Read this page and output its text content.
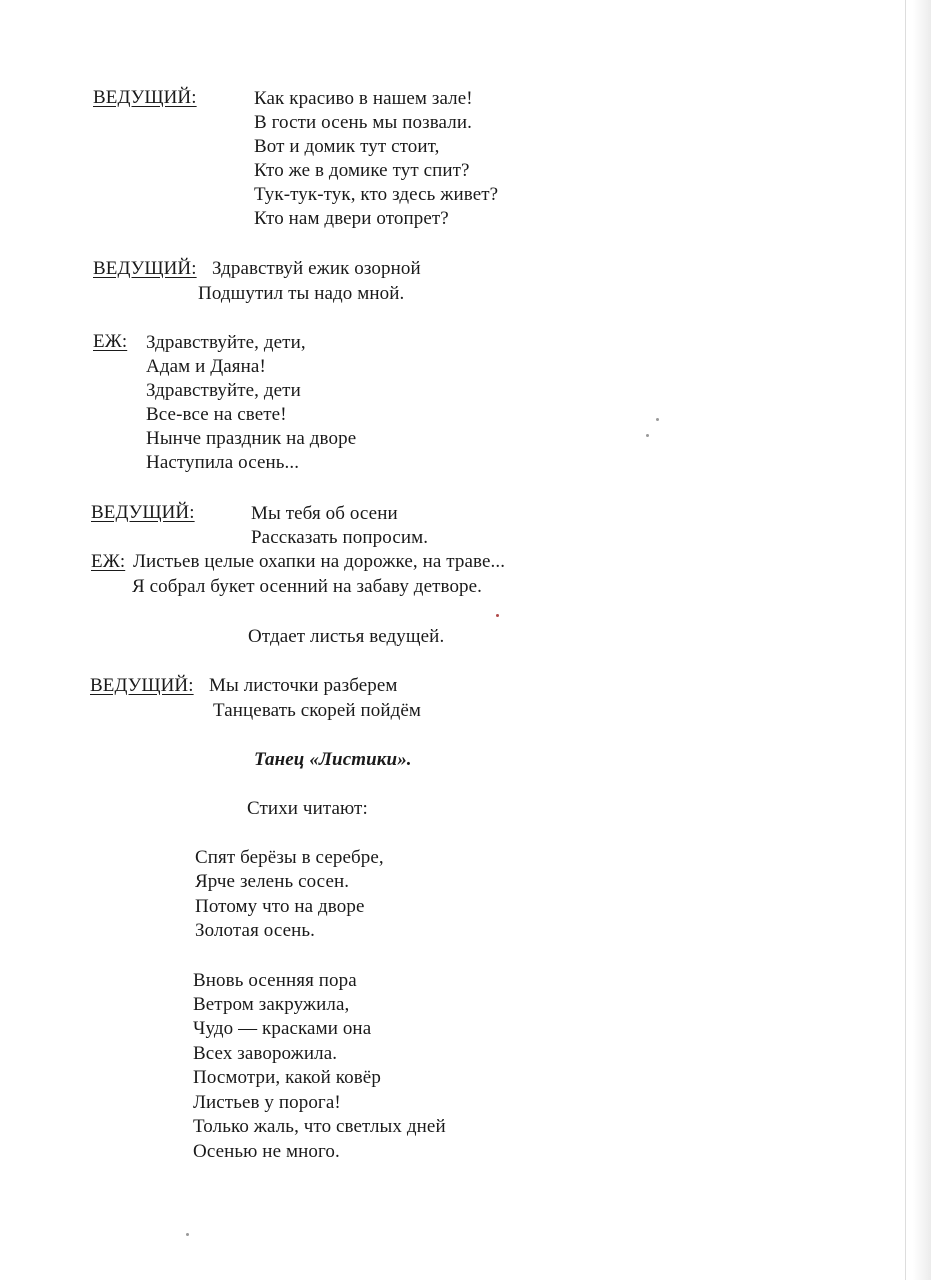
ВЕДУЩИЙ:	Как красиво в нашем зале!
В гости осень мы позвали.
Вот и домик тут стоит,
Кто же в домике тут спит?
Тук-тук-тук, кто здесь живет?
Кто нам двери отопрет?
ВЕДУЩИЙ: Здравствуй ежик озорной
Подшутил ты надо мной.
ЕЖ: Здравствуйте, дети,
Адам и Даяна!
Здравствуйте, дети
Все-все на свете!
Нынче праздник на дворе
Наступила осень...
ВЕДУЩИЙ:	Мы тебя об осени
Рассказать попросим.
ЕЖ: Листьев целые охапки на дорожке, на траве...
Я собрал букет осенний на забаву детворе.
Отдает листья ведущей.
ВЕДУЩИЙ: Мы листочки разберем
Танцевать скорей пойдём
Танец «Листики».
Стихи читают:
Спят берёзы в серебре,
Ярче зелень сосен.
Потому что на дворе
Золотая осень.
Вновь осенняя пора
Ветром закружила,
Чудо — красками она
Всех заворожила.
Посмотри, какой ковёр
Листьев у порога!
Только жаль, что светлых дней
Осенью не много.
